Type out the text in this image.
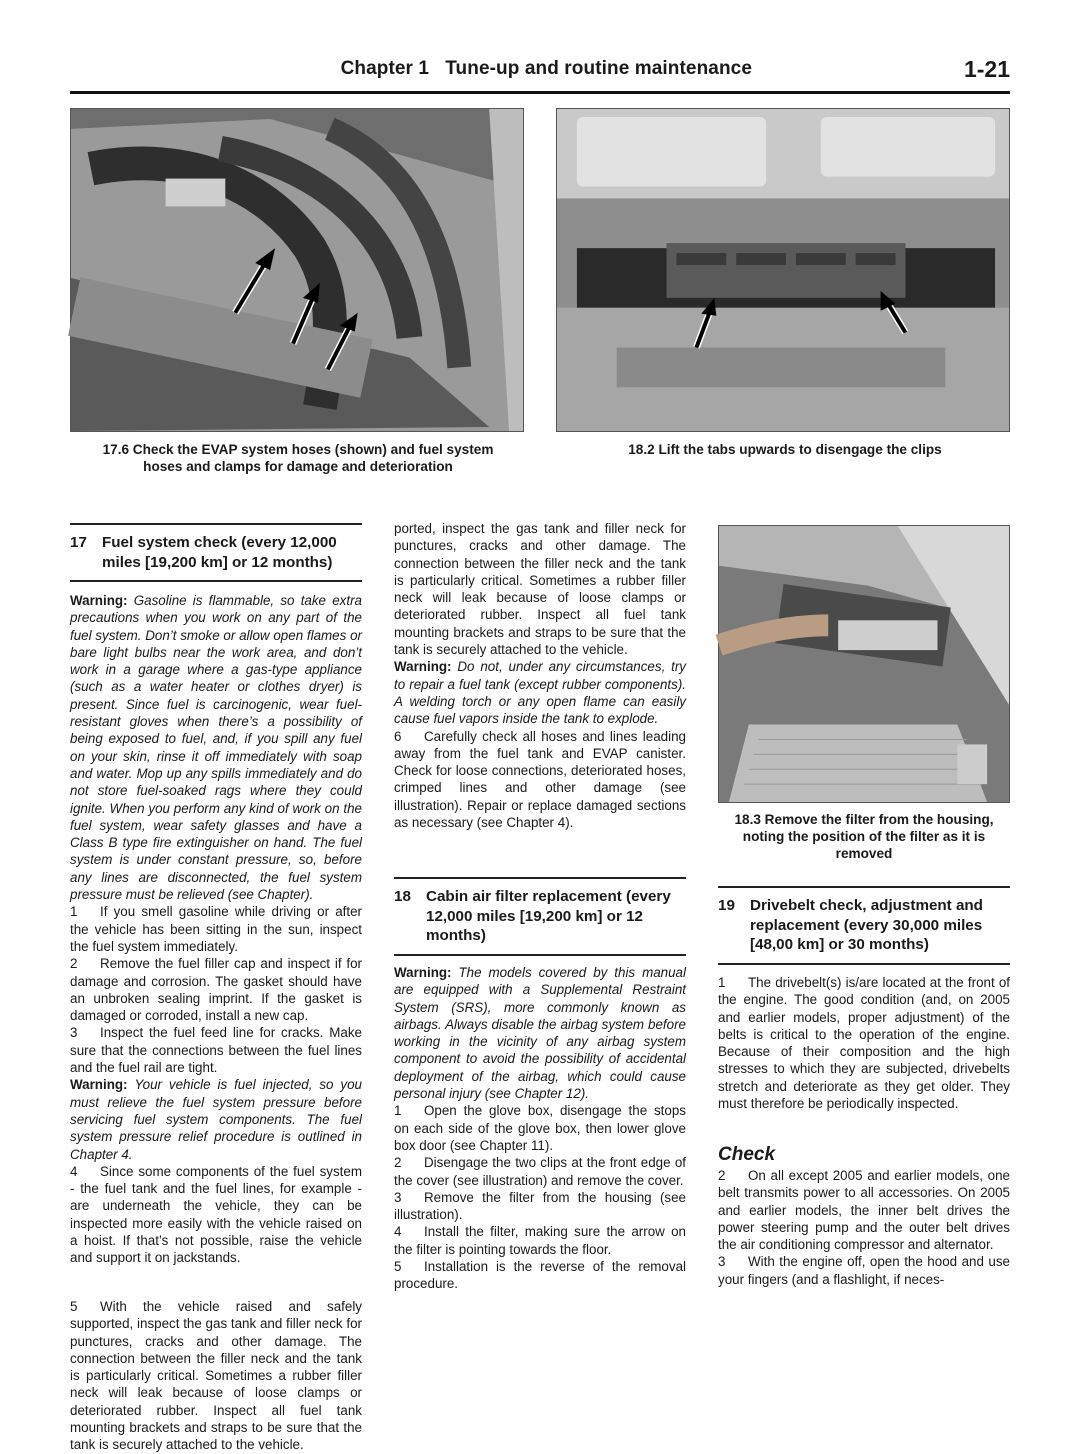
Chapter 1   Tune-up and routine maintenance	1-21
17.6 Check the EVAP system hoses (shown) and fuel system hoses and clamps for damage and deterioration
18.2 Lift the tabs upwards to disengage the clips
17 Fuel system check (every 12,000 miles [19,200 km] or 12 months)

Warning: Gasoline is flammable, so take extra precautions when you work on any part of the fuel system. Don’t smoke or allow open flames or bare light bulbs near the work area, and don’t work in a garage where a gas-type appliance (such as a water heater or clothes dryer) is present. Since fuel is carcinogenic, wear fuel-resistant gloves when there’s a possibility of being exposed to fuel, and, if you spill any fuel on your skin, rinse it off immediately with soap and water. Mop up any spills immediately and do not store fuel-soaked rags where they could ignite. When you perform any kind of work on the fuel system, wear safety glasses and have a Class B type fire extinguisher on hand. The fuel system is under constant pressure, so, before any lines are disconnected, the fuel system pressure must be relieved (see Chapter).

1 If you smell gasoline while driving or after the vehicle has been sitting in the sun, inspect the fuel system immediately.

2 Remove the fuel filler cap and inspect if for damage and corrosion. The gasket should have an unbroken sealing imprint. If the gasket is damaged or corroded, install a new cap.

3 Inspect the fuel feed line for cracks. Make sure that the connections between the fuel lines and the fuel rail are tight.

Warning: Your vehicle is fuel injected, so you must relieve the fuel system pressure before servicing fuel system components. The fuel system pressure relief procedure is outlined in Chapter 4.

4 Since some components of the fuel system - the fuel tank and the fuel lines, for example - are underneath the vehicle, they can be inspected more easily with the vehicle raised on a hoist. If that’s not possible, raise the vehicle and support it on jackstands.

5 With the vehicle raised and safely supported, inspect the gas tank and filler neck for punctures, cracks and other damage. The connection between the filler neck and the tank is particularly critical. Sometimes a rubber filler neck will leak because of loose clamps or deteriorated rubber. Inspect all fuel tank mounting brackets and straps to be sure that the tank is securely attached to the vehicle.

ported, inspect the gas tank and filler neck for punctures, cracks and other damage. The connection between the filler neck and the tank is particularly critical. Sometimes a rubber filler neck will leak because of loose clamps or deteriorated rubber. Inspect all fuel tank mounting brackets and straps to be sure that the tank is securely attached to the vehicle.

Warning: Do not, under any circumstances, try to repair a fuel tank (except rubber components). A welding torch or any open flame can easily cause fuel vapors inside the tank to explode.

6 Carefully check all hoses and lines leading away from the fuel tank and EVAP canister. Check for loose connections, deteriorated hoses, crimped lines and other damage (see illustration). Repair or replace damaged sections as necessary (see Chapter 4).

18 Cabin air filter replacement (every 12,000 miles [19,200 km] or 12 months)

Warning: The models covered by this manual are equipped with a Supplemental Restraint System (SRS), more commonly known as airbags. Always disable the airbag system before working in the vicinity of any airbag system component to avoid the possibility of accidental deployment of the airbag, which could cause personal injury (see Chapter 12).

1 Open the glove box, disengage the stops on each side of the glove box, then lower glove box door (see Chapter 11).

2 Disengage the two clips at the front edge of the cover (see illustration) and remove the cover.

3 Remove the filter from the housing (see illustration).

4 Install the filter, making sure the arrow on the filter is pointing towards the floor.

5 Installation is the reverse of the removal procedure.

18.3 Remove the filter from the housing, noting the position of the filter as it is removed
19 Drivebelt check, adjustment and replacement (every 30,000 miles [48,00 km] or 30 months)

1 The drivebelt(s) is/are located at the front of the engine. The good condition (and, on 2005 and earlier models, proper adjustment) of the belts is critical to the operation of the engine. Because of their composition and the high stresses to which they are subjected, drivebelts stretch and deteriorate as they get older. They must therefore be periodically inspected.

Check

2 On all except 2005 and earlier models, one belt transmits power to all accessories. On 2005 and earlier models, the inner belt drives the power steering pump and the outer belt drives the air conditioning compressor and alternator.

3 With the engine off, open the hood and use your fingers (and a flashlight, if neces-
